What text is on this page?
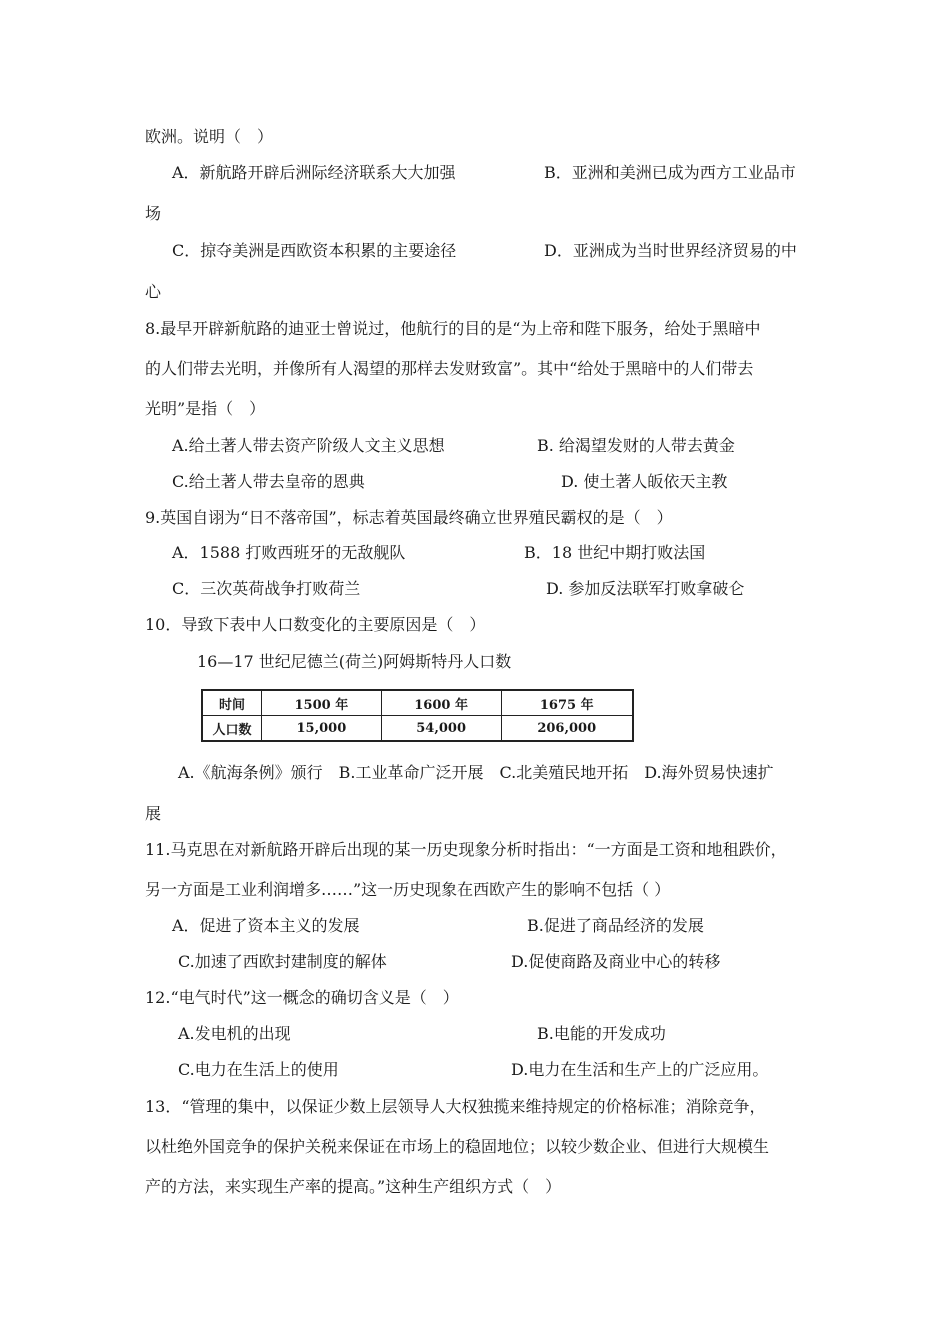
欧洲。说明（　）
A．新航路开辟后洲际经济联系大大加强	B．亚洲和美洲已成为西方工业品市
场
C．掠夺美洲是西欧资本积累的主要途径	D．亚洲成为当时世界经济贸易的中
心
8.最早开辟新航路的迪亚士曾说过，他航行的目的是“为上帝和陛下服务，给处于黑暗中
的人们带去光明，并像所有人渴望的那样去发财致富”。其中“给处于黑暗中的人们带去
光明”是指（　）
A.给土著人带去资产阶级人文主义思想	B. 给渴望发财的人带去黄金
C.给土著人带去皇帝的恩典	D. 使土著人皈依天主教
9.英国自诩为“日不落帝国”，标志着英国最终确立世界殖民霸权的是（　）
A．1588 打败西班牙的无敌舰队	B．18 世纪中期打败法国
C．三次英荷战争打败荷兰	D. 参加反法联军打败拿破仑
10．导致下表中人口数变化的主要原因是（　）
16—17 世纪尼德兰(荷兰)阿姆斯特丹人口数
时间	1500 年	1600 年	1675 年
人口数	15,000	54,000	206,000
A.《航海条例》颁行　B.工业革命广泛开展　C.北美殖民地开拓　D.海外贸易快速扩
展
11.马克思在对新航路开辟后出现的某一历史现象分析时指出：“一方面是工资和地租跌价，
另一方面是工业利润增多……”这一历史现象在西欧产生的影响不包括（ ）
A．促进了资本主义的发展	B.促进了商品经济的发展
C.加速了西欧封建制度的解体	D.促使商路及商业中心的转移
12.“电气时代”这一概念的确切含义是（　）
A.发电机的出现	B.电能的开发成功
C.电力在生活上的使用	D.电力在生活和生产上的广泛应用。
13．“管理的集中，以保证少数上层领导人大权独揽来维持规定的价格标准；消除竞争，
以杜绝外国竞争的保护关税来保证在市场上的稳固地位；以较少数企业、但进行大规模生
产的方法，来实现生产率的提高。”这种生产组织方式（　）
